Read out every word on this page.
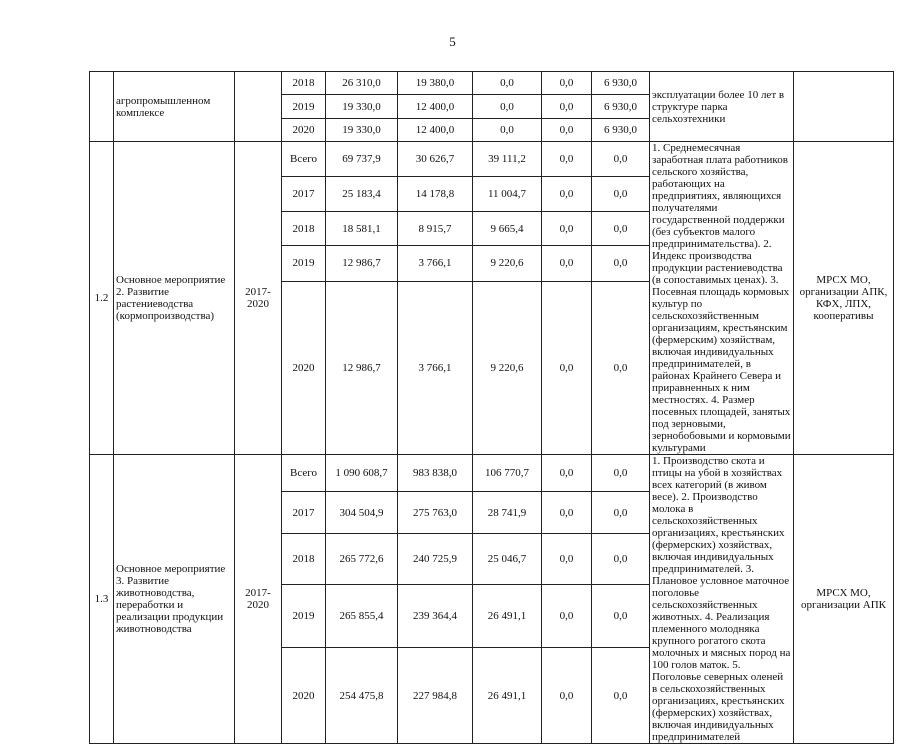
5
	агропромышленном комплексе		2018	26 310,0	19 380,0	0,0	0,0	6 930,0	эксплуатации более 10 лет в структуре парка сельхозтехники	
			2019	19 330,0	12 400,0	0,0	0,0	6 930,0		
			2020	19 330,0	12 400,0	0,0	0,0	6 930,0		
1.2	Основное мероприятие 2. Развитие растениеводства (кормопроизводства)	2017-2020	Всего	69 737,9	30 626,7	39 111,2	0,0	0,0	1. Среднемесячная заработная плата работников сельского хозяйства, работающих на предприятиях, являющихся получателями государственной поддержки (без субъектов малого предпринимательства). 2. Индекс производства продукции растениеводства (в сопоставимых ценах). 3. Посевная площадь кормовых культур по сельскохозяйственным организациям, крестьянским (фермерским) хозяйствам, включая индивидуальных предпринимателей, в районах Крайнего Севера и приравненных к ним местностях. 4. Размер посевных площадей, занятых под зерновыми, зернобобовыми и кормовыми культурами	МРСХ МО, организации АПК, КФХ, ЛПХ, кооперативы
			2017	25 183,4	14 178,8	11 004,7	0,0	0,0		
			2018	18 581,1	8 915,7	9 665,4	0,0	0,0		
			2019	12 986,7	3 766,1	9 220,6	0,0	0,0		
			2020	12 986,7	3 766,1	9 220,6	0,0	0,0		
1.3	Основное мероприятие 3. Развитие животноводства, переработки и реализации продукции животноводства	2017-2020	Всего	1 090 608,7	983 838,0	106 770,7	0,0	0,0	1. Производство скота и птицы на убой в хозяйствах всех категорий (в живом весе). 2. Производство молока в сельскохозяйственных организациях, крестьянских (фермерских) хозяйствах, включая индивидуальных предпринимателей. 3. Плановое условное маточное поголовье сельскохозяйственных животных. 4. Реализация племенного молодняка крупного рогатого скота молочных и мясных пород на 100 голов маток. 5. Поголовье северных оленей в сельскохозяйственных организациях, крестьянских (фермерских) хозяйствах, включая индивидуальных предпринимателей	МРСХ МО, организации АПК
			2017	304 504,9	275 763,0	28 741,9	0,0	0,0		
			2018	265 772,6	240 725,9	25 046,7	0,0	0,0		
			2019	265 855,4	239 364,4	26 491,1	0,0	0,0		
			2020	254 475,8	227 984,8	26 491,1	0,0	0,0		
